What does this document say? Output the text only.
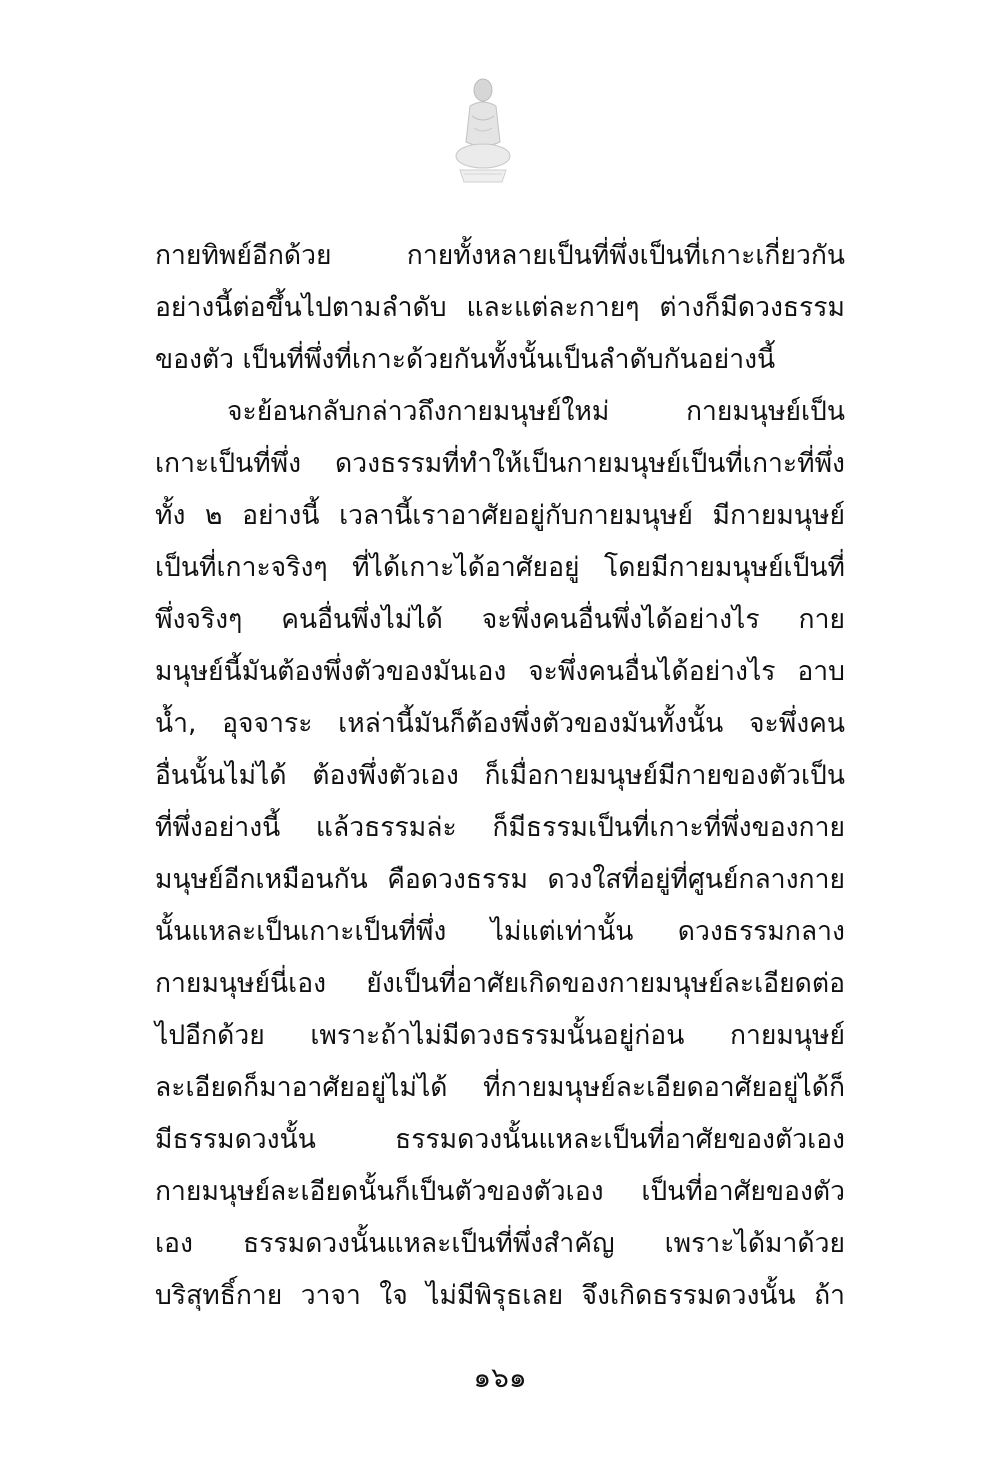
กายทิพย์อีกด้วย กายทั้งหลายเป็นที่พึ่งเป็นที่เกาะเกี่ยวกัน
อย่างนี้ต่อขึ้นไปตามลำดับ และแต่ละกายๆ ต่างก็มีดวงธรรม
ของตัว เป็นที่พึ่งที่เกาะด้วยกันทั้งนั้นเป็นลำดับกันอย่างนี้
จะย้อนกลับกล่าวถึงกายมนุษย์ใหม่ กายมนุษย์เป็น
เกาะเป็นที่พึ่ง ดวงธรรมที่ทำให้เป็นกายมนุษย์เป็นที่เกาะที่พึ่ง
ทั้ง ๒ อย่างนี้ เวลานี้เราอาศัยอยู่กับกายมนุษย์ มีกายมนุษย์
เป็นที่เกาะจริงๆ ที่ได้เกาะได้อาศัยอยู่ โดยมีกายมนุษย์เป็นที่
พึ่งจริงๆ คนอื่นพึ่งไม่ได้ จะพึ่งคนอื่นพึ่งได้อย่างไร กาย
มนุษย์นี้มันต้องพึ่งตัวของมันเอง จะพึ่งคนอื่นได้อย่างไร อาบ
น้ำ, อุจจาระ เหล่านี้มันก็ต้องพึ่งตัวของมันทั้งนั้น จะพึ่งคน
อื่นนั้นไม่ได้ ต้องพึ่งตัวเอง ก็เมื่อกายมนุษย์มีกายของตัวเป็น
ที่พึ่งอย่างนี้ แล้วธรรมล่ะ ก็มีธรรมเป็นที่เกาะที่พึ่งของกาย
มนุษย์อีกเหมือนกัน คือดวงธรรม ดวงใสที่อยู่ที่ศูนย์กลางกาย
นั้นแหละเป็นเกาะเป็นที่พึ่ง ไม่แต่เท่านั้น ดวงธรรมกลาง
กายมนุษย์นี่เอง ยังเป็นที่อาศัยเกิดของกายมนุษย์ละเอียดต่อ
ไปอีกด้วย เพราะถ้าไม่มีดวงธรรมนั้นอยู่ก่อน กายมนุษย์
ละเอียดก็มาอาศัยอยู่ไม่ได้ ที่กายมนุษย์ละเอียดอาศัยอยู่ได้ก็
มีธรรมดวงนั้น ธรรมดวงนั้นแหละเป็นที่อาศัยของตัวเอง
กายมนุษย์ละเอียดนั้นก็เป็นตัวของตัวเอง เป็นที่อาศัยของตัว
เอง ธรรมดวงนั้นแหละเป็นที่พึ่งสำคัญ เพราะได้มาด้วย
บริสุทธิ์กาย วาจา ใจ ไม่มีพิรุธเลย จึงเกิดธรรมดวงนั้น ถ้า
๑๖๑
